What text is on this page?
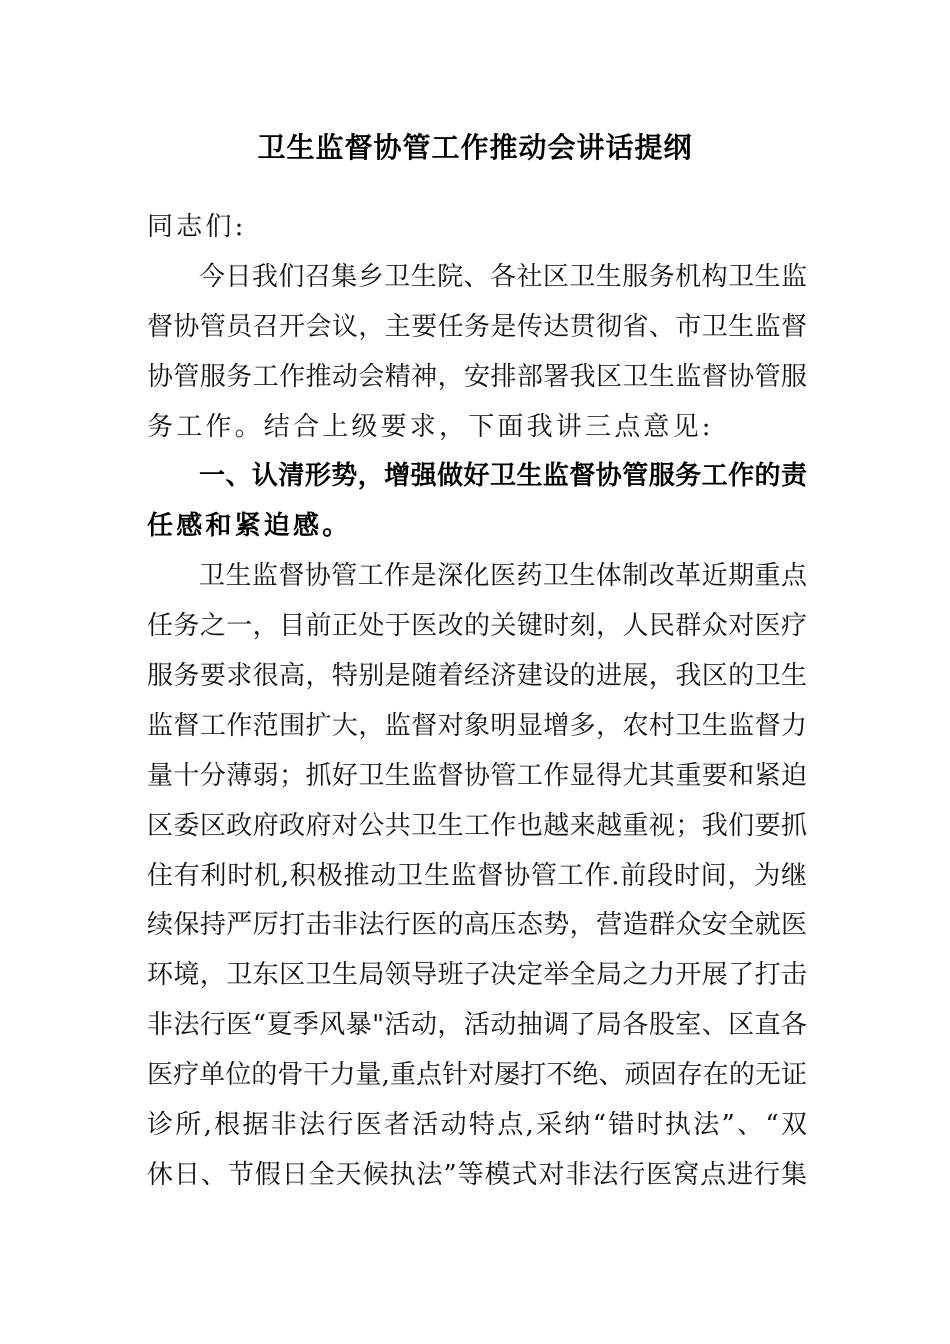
卫生监督协管工作推动会讲话提纲
同志们:
今日我们召集乡卫生院、各社区卫生服务机构卫生监
督协管员召开会议，主要任务是传达贯彻省、市卫生监督
协管服务工作推动会精神，安排部署我区卫生监督协管服
务工作。结合上级要求，下面我讲三点意见:
一、认清形势，增强做好卫生监督协管服务工作的责
任感和紧迫感。
卫生监督协管工作是深化医药卫生体制改革近期重点
任务之一，目前正处于医改的关键时刻，人民群众对医疗
服务要求很高，特别是随着经济建设的进展，我区的卫生
监督工作范围扩大，监督对象明显增多，农村卫生监督力
量十分薄弱；抓好卫生监督协管工作显得尤其重要和紧迫
区委区政府政府对公共卫生工作也越来越重视；我们要抓
住有利时机,积极推动卫生监督协管工作.前段时间，为继
续保持严厉打击非法行医的高压态势，营造群众安全就医
环境，卫东区卫生局领导班子决定举全局之力开展了打击
非法行医“夏季风暴"活动，活动抽调了局各股室、区直各
医疗单位的骨干力量,重点针对屡打不绝、顽固存在的无证
诊所,根据非法行医者活动特点,采纳“错时执法”、“双
休日、节假日全天候执法”等模式对非法行医窝点进行集
